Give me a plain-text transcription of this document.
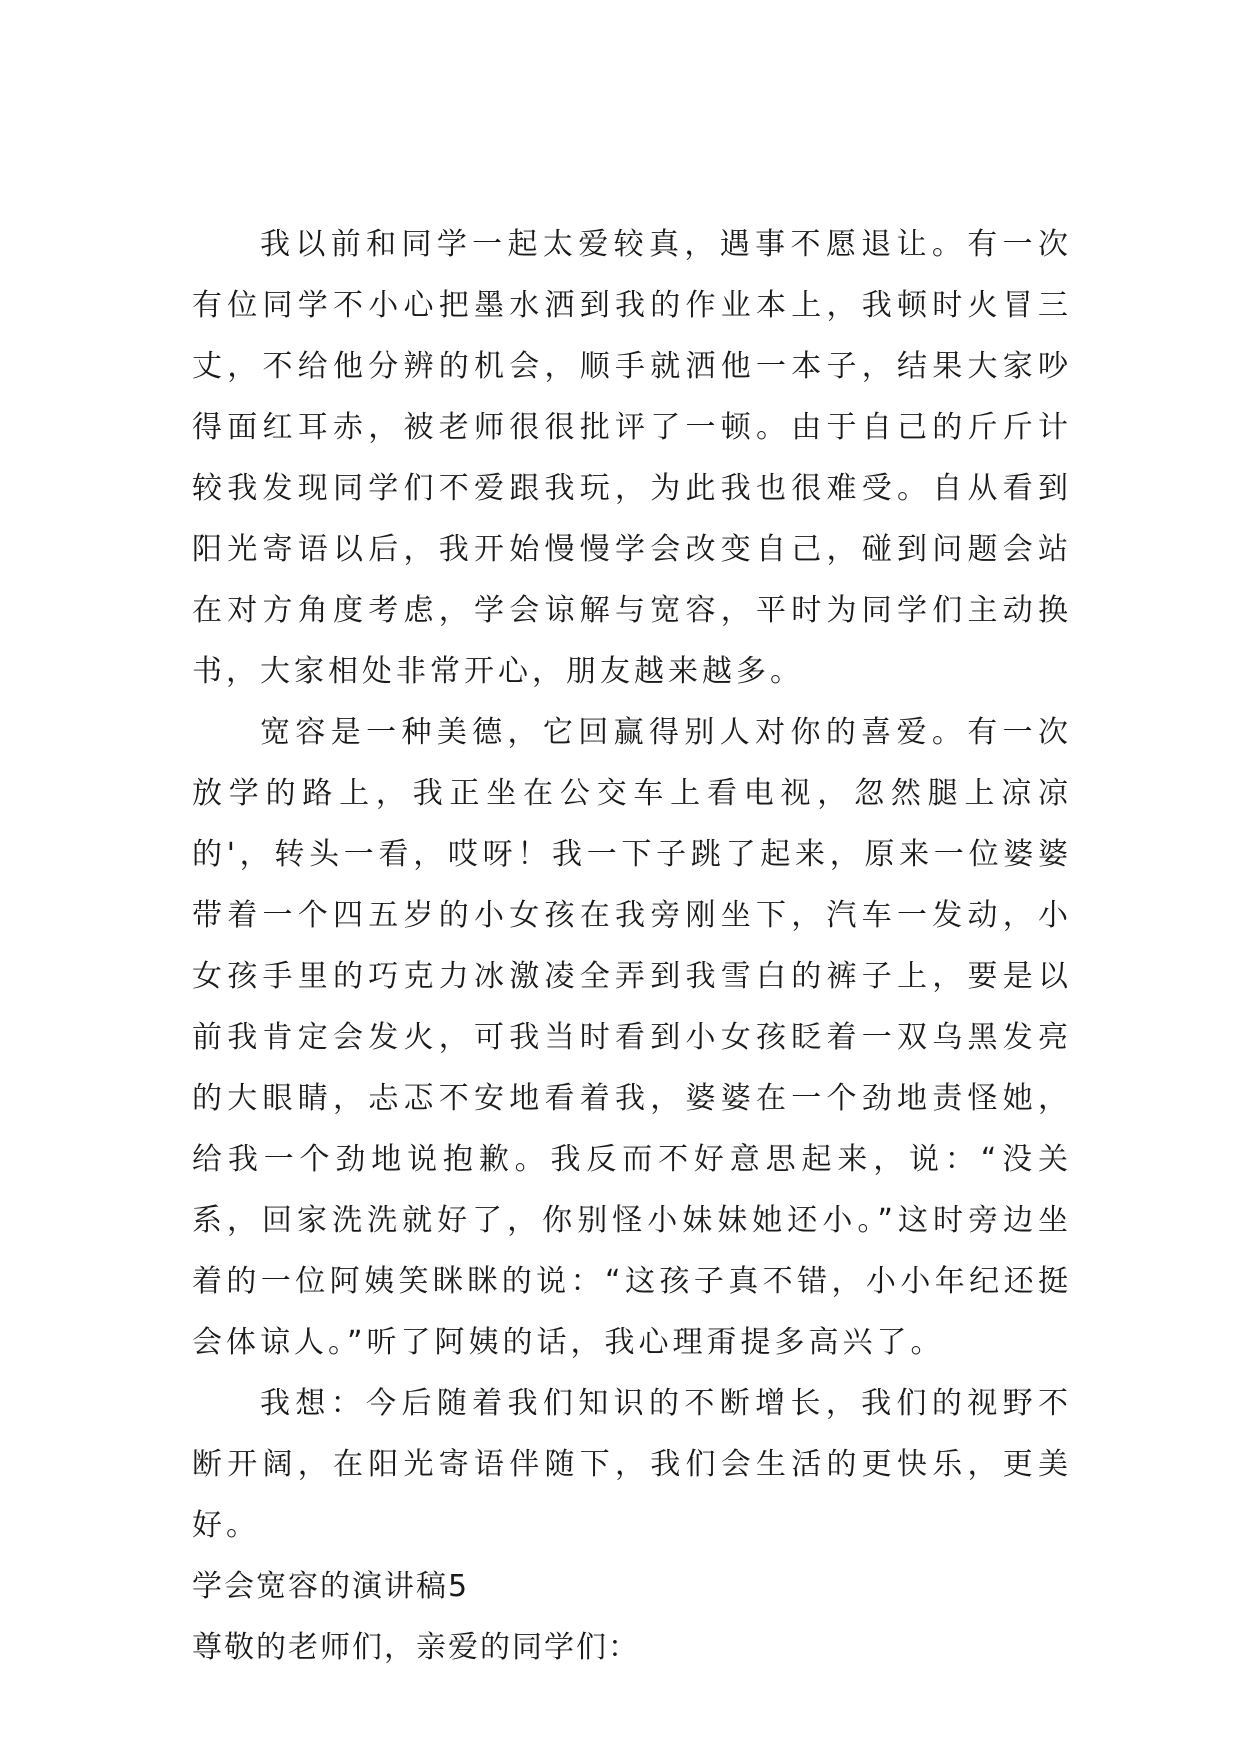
我以前和同学一起太爱较真，遇事不愿退让。有一次有位同学不小心把墨水洒到我的作业本上，我顿时火冒三丈，不给他分辨的机会，顺手就洒他一本子，结果大家吵得面红耳赤，被老师很很批评了一顿。由于自己的斤斤计较我发现同学们不爱跟我玩，为此我也很难受。自从看到阳光寄语以后，我开始慢慢学会改变自己，碰到问题会站在对方角度考虑，学会谅解与宽容，平时为同学们主动换书，大家相处非常开心，朋友越来越多。

宽容是一种美德，它回赢得别人对你的喜爱。有一次放学的路上，我正坐在公交车上看电视，忽然腿上凉凉的'，转头一看，哎呀！我一下子跳了起来，原来一位婆婆带着一个四五岁的小女孩在我旁刚坐下，汽车一发动，小女孩手里的巧克力冰激凌全弄到我雪白的裤子上，要是以前我肯定会发火，可我当时看到小女孩眨着一双乌黑发亮的大眼睛，忐忑不安地看着我，婆婆在一个劲地责怪她，给我一个劲地说抱歉。我反而不好意思起来，说：“没关系，回家洗洗就好了，你别怪小妹妹她还小。”这时旁边坐着的一位阿姨笑眯眯的说：“这孩子真不错，小小年纪还挺会体谅人。”听了阿姨的话，我心理甭提多高兴了。

我想：今后随着我们知识的不断增长，我们的视野不断开阔，在阳光寄语伴随下，我们会生活的更快乐，更美好。

学会宽容的演讲稿5

尊敬的老师们，亲爱的同学们：
